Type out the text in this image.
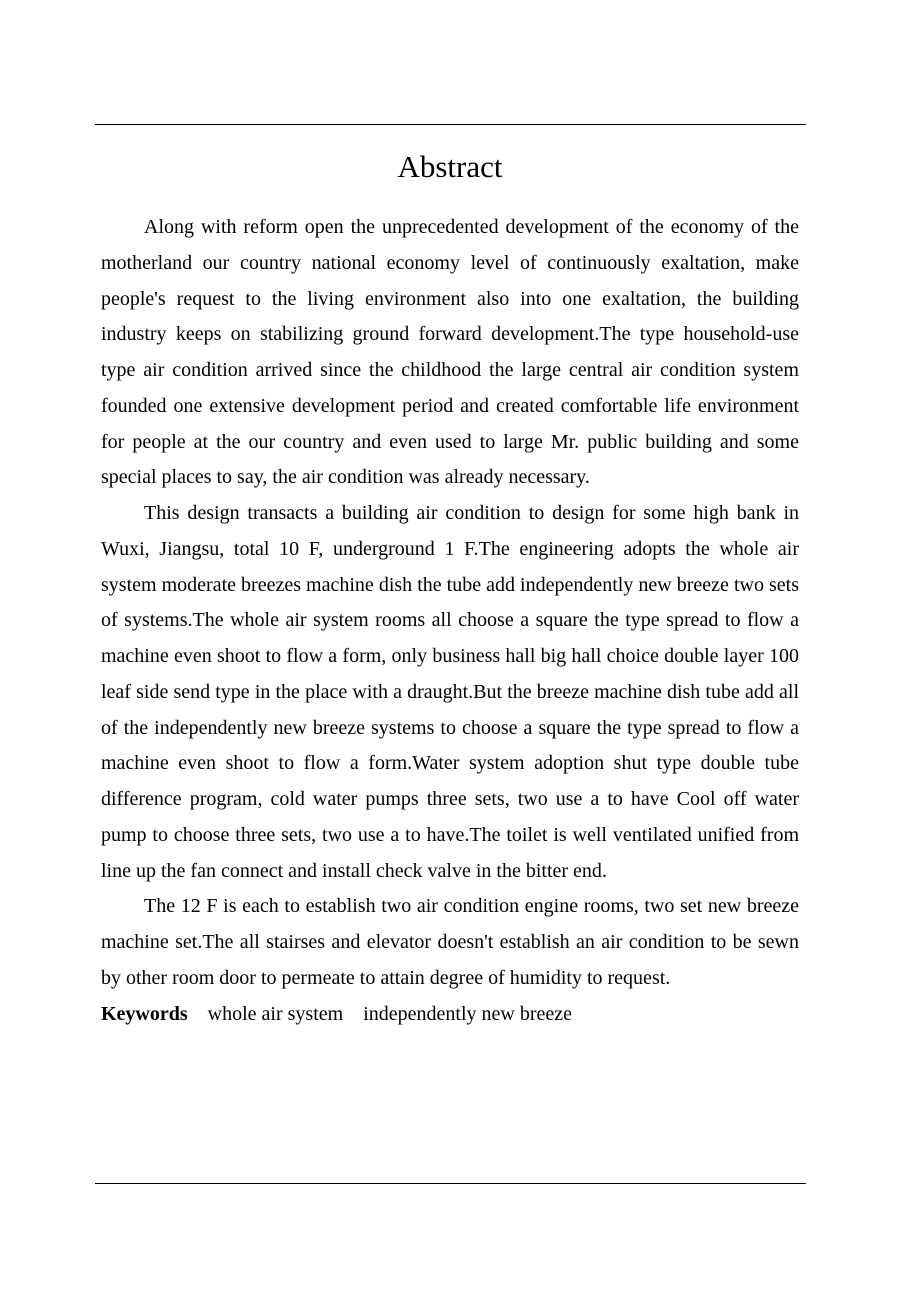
Abstract

Along with reform open the unprecedented development of the economy of the motherland our country national economy level of continuously exaltation, make people's request to the living environment also into one exaltation, the building industry keeps on stabilizing ground forward development.The type household-use type air condition arrived since the childhood the large central air condition system founded one extensive development period and created comfortable life environment for people at the our country and even used to large Mr. public building and some special places to say, the air condition was already necessary.

This design transacts a building air condition to design for some high bank in Wuxi, Jiangsu, total 10 F, underground 1 F.The engineering adopts the whole air system moderate breezes machine dish the tube add independently new breeze two sets of systems.The whole air system rooms all choose a square the type spread to flow a machine even shoot to flow a form, only business hall big hall choice double layer 100 leaf side send type in the place with a draught.But the breeze machine dish tube add all of the independently new breeze systems to choose a square the type spread to flow a machine even shoot to flow a form.Water system adoption shut type double tube difference program, cold water pumps three sets, two use a to have Cool off water pump to choose three sets, two use a to have.The toilet is well ventilated unified from line up the fan connect and install check valve in the bitter end.

The 12 F is each to establish two air condition engine rooms, two set new breeze machine set.The all stairses and elevator doesn't establish an air condition to be sewn by other room door to permeate to attain degree of humidity to request.

Keywords whole air system independently new breeze
